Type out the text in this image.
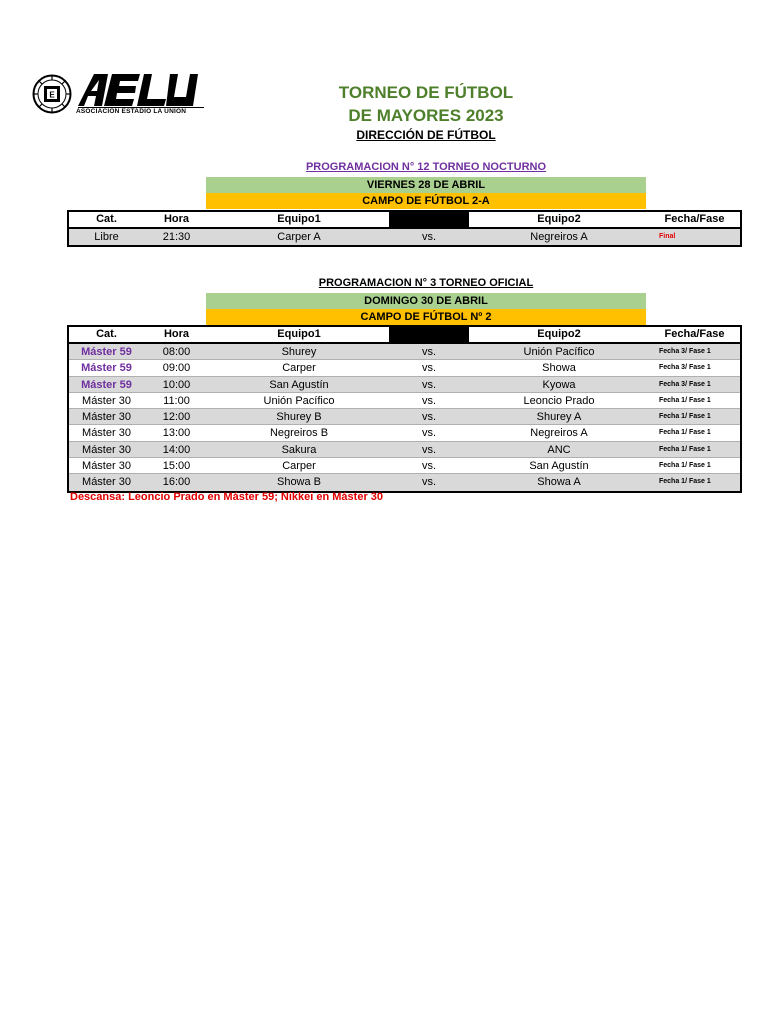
E
ASOCIACIÓN ESTADIO LA UNIÓN
TORNEO DE FÚTBOL
DE MAYORES 2023
DIRECCIÓN DE FÚTBOL
PROGRAMACION N° 12 TORNEO NOCTURNO
VIERNES 28 DE ABRIL
CAMPO DE FÚTBOL 2-A
Cat.	Hora	Equipo1	Equipo2	Fecha/Fase
Libre	21:30	Carper A	vs.	Negreiros A	Final
PROGRAMACION N° 3 TORNEO OFICIAL
DOMINGO 30 DE ABRIL
CAMPO DE FÚTBOL Nº 2
Cat.	Hora	Equipo1	Equipo2	Fecha/Fase
Máster 59	08:00	Shurey	vs.	Unión Pacífico	Fecha 3/ Fase 1
Máster 59	09:00	Carper	vs.	Showa	Fecha 3/ Fase 1
Máster 59	10:00	San Agustín	vs.	Kyowa	Fecha 3/ Fase 1
Máster 30	11:00	Unión Pacífico	vs.	Leoncio Prado	Fecha 1/ Fase 1
Máster 30	12:00	Shurey B	vs.	Shurey A	Fecha 1/ Fase 1
Máster 30	13:00	Negreiros B	vs.	Negreiros A	Fecha 1/ Fase 1
Máster 30	14:00	Sakura	vs.	ANC	Fecha 1/ Fase 1
Máster 30	15:00	Carper	vs.	San Agustín	Fecha 1/ Fase 1
Máster 30	16:00	Showa B	vs.	Showa A	Fecha 1/ Fase 1
Descansa: Leoncio Prado en Máster 59; Nikkei en Máster 30
